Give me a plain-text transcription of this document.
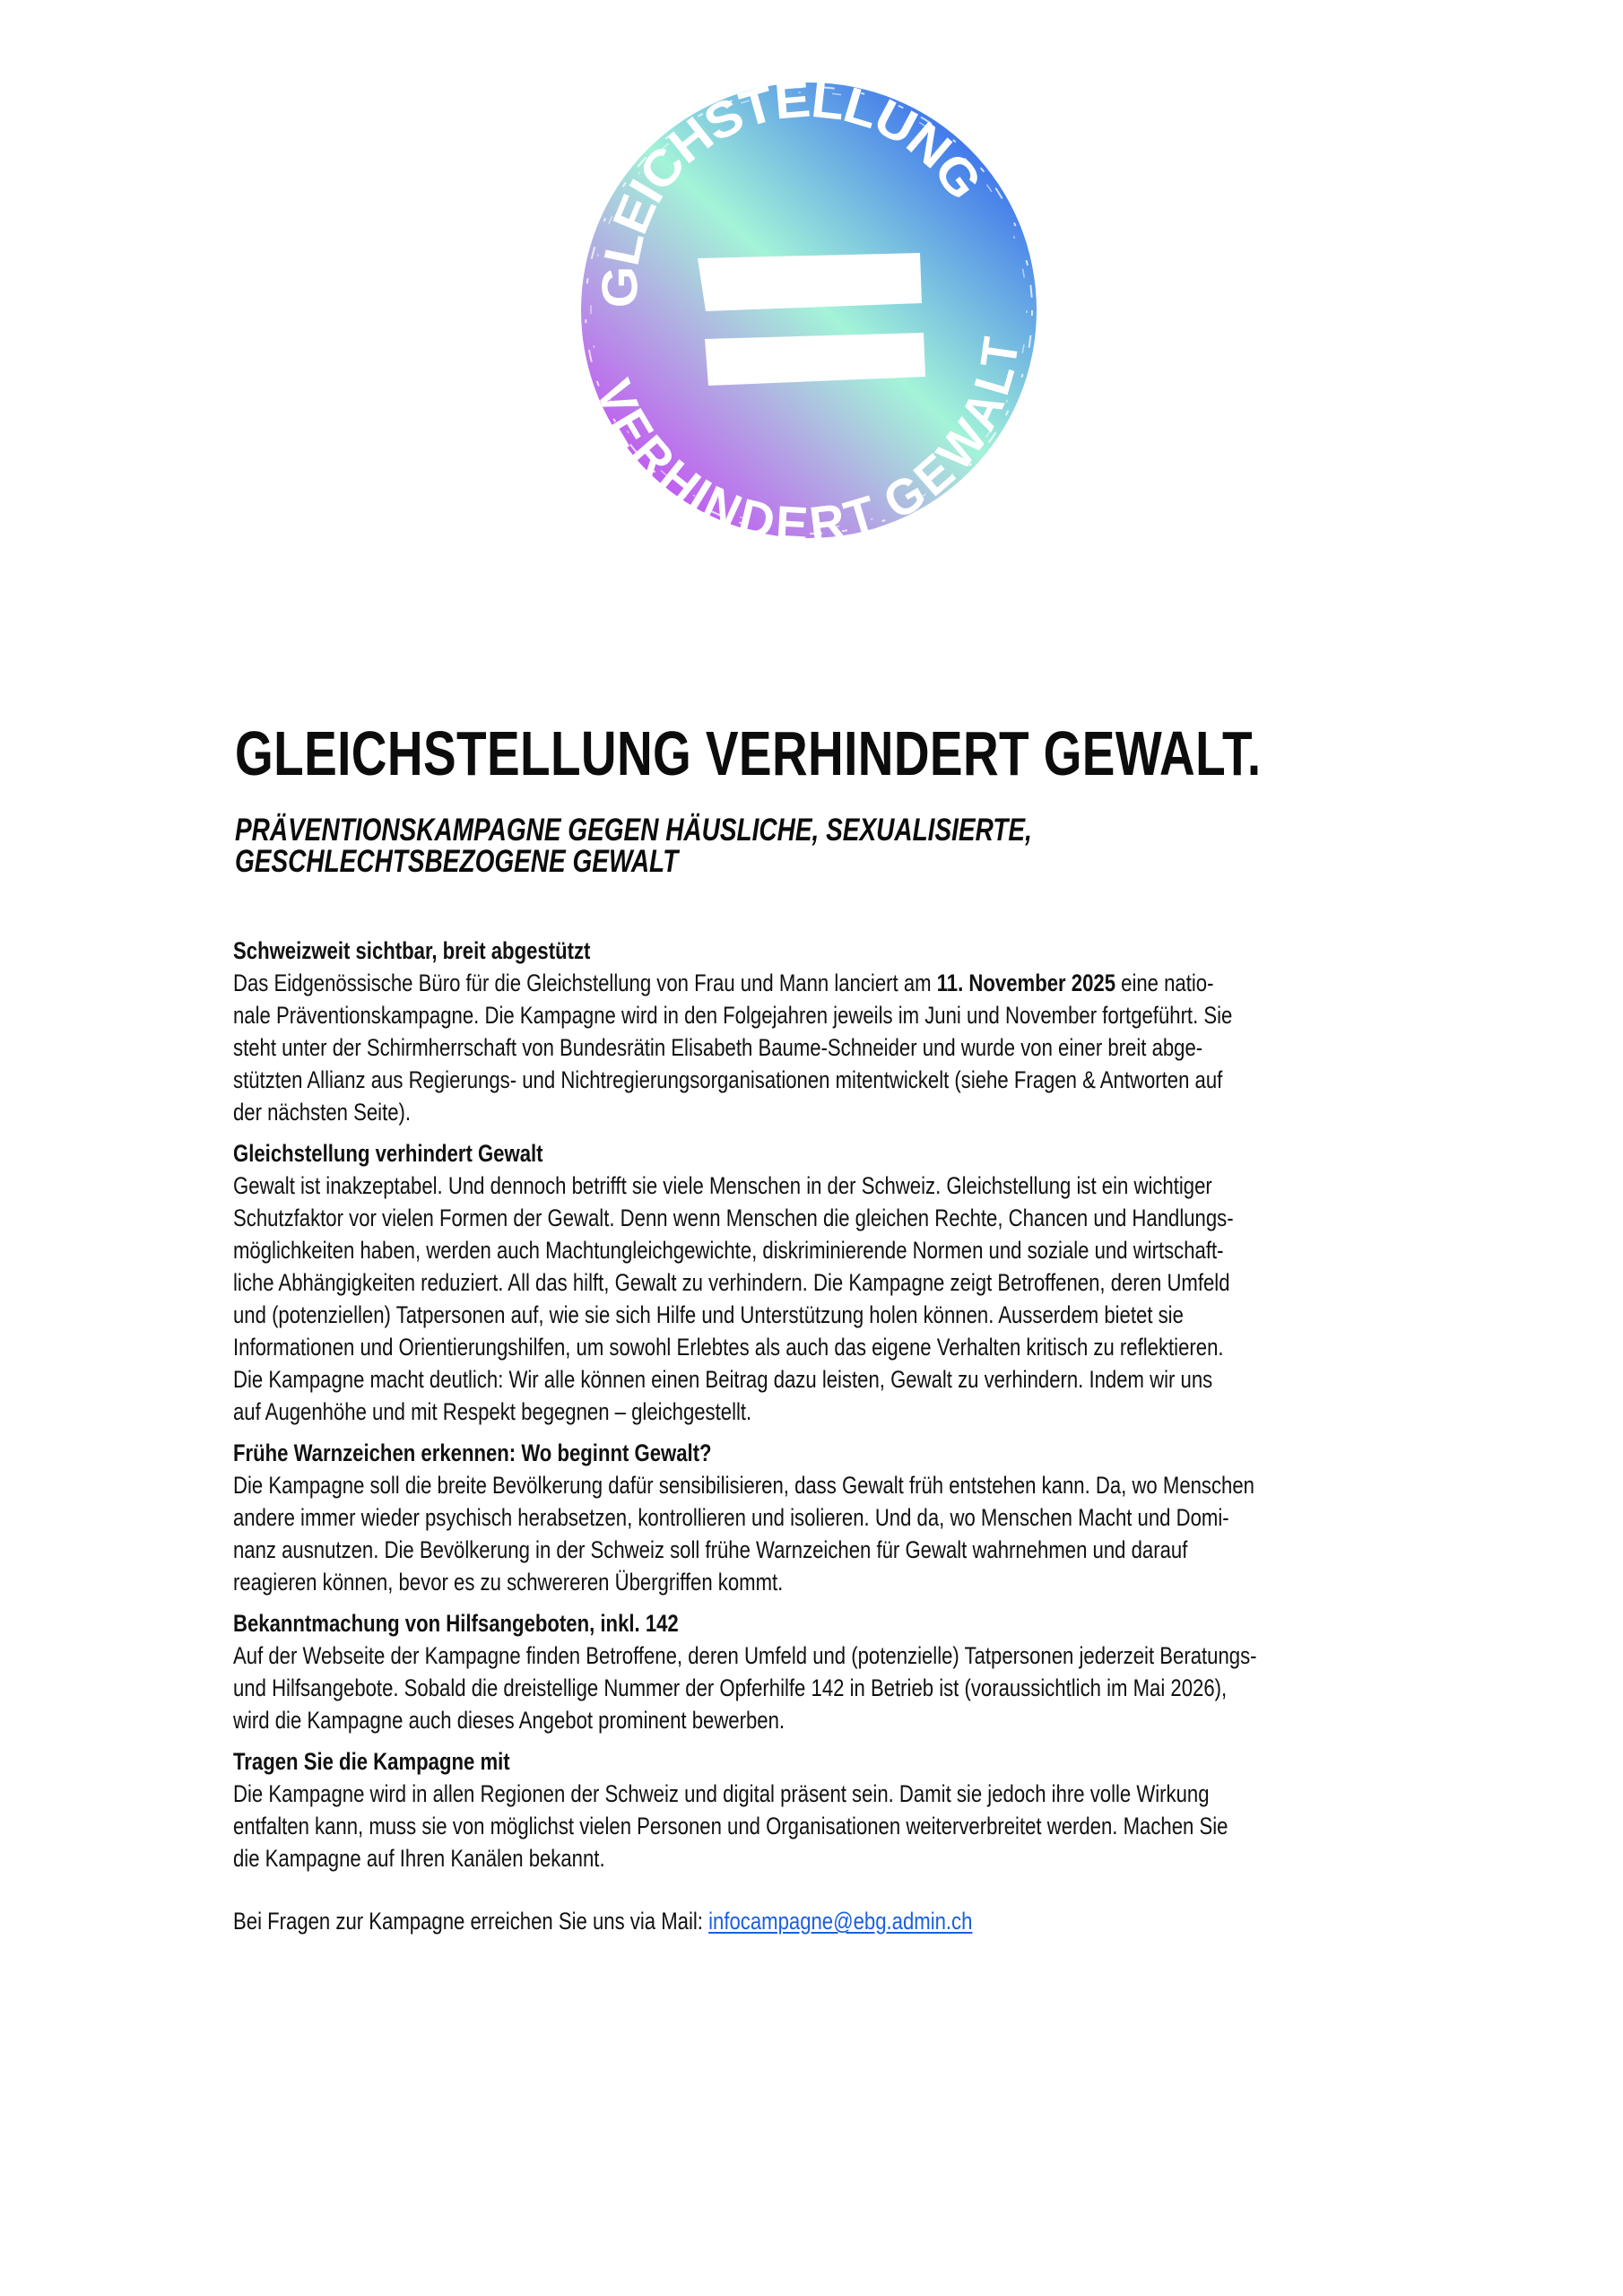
GLEICHSTELLUNG
VERHINDERT GEWALT
GLEICHSTELLUNG VERHINDERT GEWALT.
PRÄVENTIONSKAMPAGNE GEGEN HÄUSLICHE, SEXUALISIERTE,
GESCHLECHTSBEZOGENE GEWALT
Schweizweit sichtbar, breit abgestützt
Das Eidgenössische Büro für die Gleichstellung von Frau und Mann lanciert am 11. November 2025 eine natio-
nale Präventionskampagne. Die Kampagne wird in den Folgejahren jeweils im Juni und November fortgeführt. Sie
steht unter der Schirmherrschaft von Bundesrätin Elisabeth Baume-Schneider und wurde von einer breit abge-
stützten Allianz aus Regierungs- und Nichtregierungsorganisationen mitentwickelt (siehe Fragen & Antworten auf
der nächsten Seite).
Gleichstellung verhindert Gewalt
Gewalt ist inakzeptabel. Und dennoch betrifft sie viele Menschen in der Schweiz. Gleichstellung ist ein wichtiger
Schutzfaktor vor vielen Formen der Gewalt. Denn wenn Menschen die gleichen Rechte, Chancen und Handlungs-
möglichkeiten haben, werden auch Machtungleichgewichte, diskriminierende Normen und soziale und wirtschaft-
liche Abhängigkeiten reduziert. All das hilft, Gewalt zu verhindern. Die Kampagne zeigt Betroffenen, deren Umfeld
und (potenziellen) Tatpersonen auf, wie sie sich Hilfe und Unterstützung holen können. Ausserdem bietet sie
Informationen und Orientierungshilfen, um sowohl Erlebtes als auch das eigene Verhalten kritisch zu reflektieren.
Die Kampagne macht deutlich: Wir alle können einen Beitrag dazu leisten, Gewalt zu verhindern. Indem wir uns
auf Augenhöhe und mit Respekt begegnen – gleichgestellt.
Frühe Warnzeichen erkennen: Wo beginnt Gewalt?
Die Kampagne soll die breite Bevölkerung dafür sensibilisieren, dass Gewalt früh entstehen kann. Da, wo Menschen
andere immer wieder psychisch herabsetzen, kontrollieren und isolieren. Und da, wo Menschen Macht und Domi-
nanz ausnutzen. Die Bevölkerung in der Schweiz soll frühe Warnzeichen für Gewalt wahrnehmen und darauf
reagieren können, bevor es zu schwereren Übergriffen kommt.
Bekanntmachung von Hilfsangeboten, inkl. 142
Auf der Webseite der Kampagne finden Betroffene, deren Umfeld und (potenzielle) Tatpersonen jederzeit Beratungs-
und Hilfsangebote. Sobald die dreistellige Nummer der Opferhilfe 142 in Betrieb ist (voraussichtlich im Mai 2026),
wird die Kampagne auch dieses Angebot prominent bewerben.
Tragen Sie die Kampagne mit
Die Kampagne wird in allen Regionen der Schweiz und digital präsent sein. Damit sie jedoch ihre volle Wirkung
entfalten kann, muss sie von möglichst vielen Personen und Organisationen weiterverbreitet werden. Machen Sie
die Kampagne auf Ihren Kanälen bekannt.
Bei Fragen zur Kampagne erreichen Sie uns via Mail: infocampagne@ebg.admin.ch
